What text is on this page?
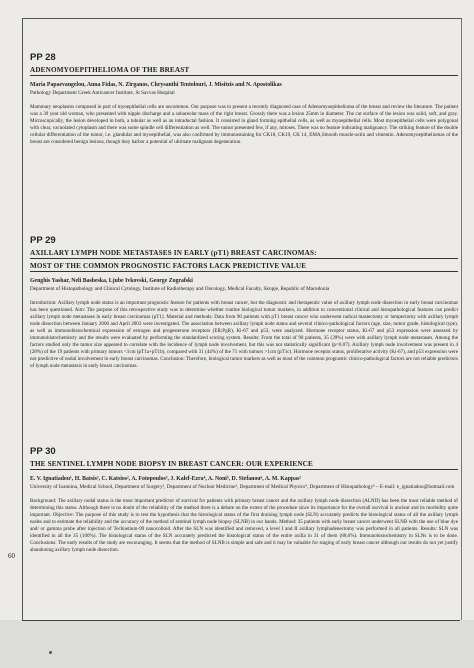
PP 28
ADENOMYOEPITHELIOMA OF THE BREAST
Maria Papaevangelou, Anna Fidas, N. Zirganos, Chrysanthi Tentolouri, J. Misitzis and N. Apostolikas
Pathology Department Greek Anticancer Institute, St Savvas Hospital

Mammary neoplasms composed in part of myoepithelial cells are uncommon. Our purpose was to present a recently diagnosed case of Adenomyoepithelioma of the breast and review the literature. The patient was a 39 year old woman, who presented with nipple discharge and a subareolar mass of the right breast. Grossly there was a lesion 25mm in diameter. The cut surface of the lesion was solid, soft, and gray. Microscopically, the lesion developed in both, a tubular as well as an intraductal fashion. It consisted in gland forming epithelial cells, as well as myoepithelial cells. Most myoepithelial cells were polygonal with clear, vacuolated cytoplasm and there was some spindle cell differentiation as well. The tumor presented few, if any, mitoses. There was no feature indicating malignancy. The striking feature of the double cellular differentiation of the tumor, i.e. glandular and myoepithelial, was also confirmed by immunostaining for CK18, CK19, CK 14, EMA,Smooth muscle-actin and vimentin. Adenomyoepitheliomas of the breast are considered benign lesions, though they harbor a potential of ultimate malignant degeneration.

PP 29
AXILLARY LYMPH NODE METASTASES IN EARLY (pT1) BREAST CARCINOMAS:
MOST OF THE COMMON PROGNOSTIC FACTORS LACK PREDICTIVE VALUE
Genghis Yashar, Neli Basheska, Ljube Ivkovski, George Zografski
Department of Histopathology and Clinical Cytology, Institute of Radiotherapy and Oncology, Medical Faculty, Skopje, Republic of Macedonia

Introduction: Axillary lymph node status is an important prognostic feature for patients with breast cancer, but the diagnostic and therapeutic value of axillary lymph node dissection in early breast carcinomas has been questioned. Aim: The purpose of this retrospective study was to determine whether routine biological tumor markers, in addition to conventional clinical and histopathological features can predict axillary lymph node metastases in early breast carcinomas (pT1). Material and methods: Data from 90 patients with pT1 breast cancer who underwent radical mastectomy or lumpectomy with axillary lymph node dissection between January 2000 and April 2003 were investigated. The association between axillary lymph node status and several clinico-pathological factors (age, size, tumor grade, histological type), as well as immunohistochemical expression of estrogen and progesterone receptors (ER;PgR), Ki-67 and p53, were analyzed. Hormone receptor status, Ki-67 and p53 expression were assessed by immunohistochemistry and the results were evaluated by performing the standardized scoring system. Results: From the total of 90 patients, 35 (39%) were with axillary lymph node metastases. Among the factors studied only the tumor size appeared to correlate with the incidence of lymph node involvement, but this was not statistically significant (p=0.07). Axillary lymph node involvement was present in 4 (28%) of the 19 patients with primary tumors <1cm (pT1a+pT1b), compared with 31 (44%) of the 71 with tumors >1cm (pT1c). Hormone receptor status, proliferative activity (Ki-67), and p53 expression were not predictive of nodal involvement in early breast carcinomas. Conclusion: Therefore, biological tumor markers as well as most of the common prognostic clinico-pathological factors are not reliable predictors of lymph node metastasis in early breast carcinomas.

PP 30
THE SENTINEL LYMPH NODE BIOPSY IN BREAST CANCER: OUR EXPERIENCE
E. V. Ignatiadou¹, H. Batsis², C. Katsios², A. Fotopoulos³, J. Kalef-Ezra⁴, A. Noni⁵, D. Stefanou⁶, A. M. Kappas²
University of Ioannina, Medical School, Department of Surgery², Department of Nuclear Medicine³, Department of Medical Physics⁴, Department of Histopathology⁵ – E-mail: e_ignatiadou@hotmail.com

Background: The axillary nodal status is the most important predictor of survival for patients with primary breast cancer and the axillary lymph node dissection (ALND) has been the most reliable method of determining this status. Although there is no doubt of the reliability of the method there is a debate on the extent of the procedure since its importance for the overall survival is unclear and its morbidity quite important. Objective: The purpose of this study is to test the hypothesis that the histological status of the first draining lymph node (SLN) accurately predicts the histological status of all the axillary lymph nodes and to estimate the reliability and the accuracy of the method of sentinel lymph node biopsy (SLNB) in our hands. Method: 35 patients with early breast cancer underwent SLNB with the use of blue dye and/ or gamma probe after injection of Technetium-99 nanocolloid. After the SLN was identified and removed, a level I and II axillary lymphadenectomy was performed in all patients. Results: SLN was identified in all the 35 (100%). The histological status of the SLN accurately predicted the histological status of the entire axilla in 31 of them (88,6%). Immunohistochemistry in SLNs is to be done. Conclusions: The early results of the study are encouraging. It seems that the method of SLNB is simple and safe and it may be valuable for staging of early breast cancer although our results do not yet justify abandoning axillary lymph node dissection.

60
